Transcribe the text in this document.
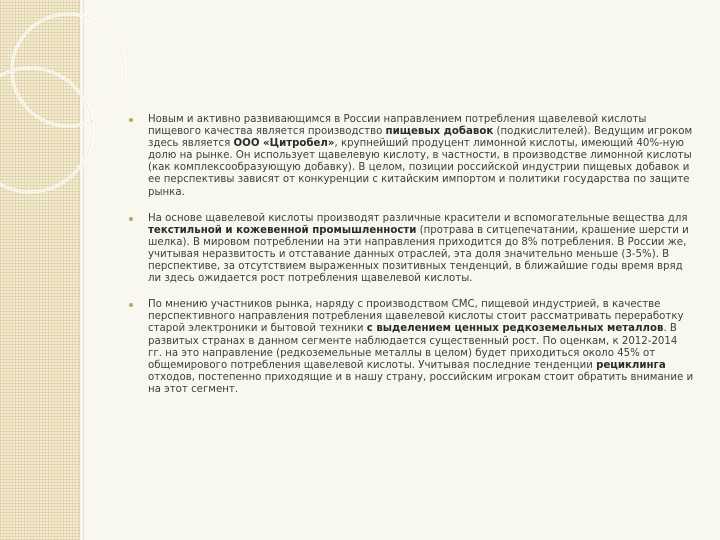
Новым и активно развивающимся в России направлением потребления щавелевой кислоты пищевого качества является производство пищевых добавок (подкислителей). Ведущим игроком здесь является ООО «Цитробел», крупнейший продуцент лимонной кислоты, имеющий 40%-ную долю на рынке. Он использует щавелевую кислоту, в частности, в производстве лимонной кислоты (как комплексообразующую добавку). В целом, позиции российской индустрии пищевых добавок и ее перспективы зависят от конкуренции с китайским импортом и политики государства по защите рынка.

На основе щавелевой кислоты производят различные красители и вспомогательные вещества для текстильной и кожевенной промышленности (протрава в ситцепечатании, крашение шерсти и шелка). В мировом потреблении на эти направления приходится до 8% потребления. В России же, учитывая неразвитость и отставание данных отраслей, эта доля значительно меньше (3-5%). В перспективе, за отсутствием выраженных позитивных тенденций, в ближайшие годы время вряд ли здесь ожидается рост потребления щавелевой кислоты.

По мнению участников рынка, наряду с производством СМС, пищевой индустрией, в качестве перспективного направления потребления щавелевой кислоты стоит рассматривать переработку старой электроники и бытовой техники с выделением ценных редкоземельных металлов. В развитых странах в данном сегменте наблюдается существенный рост. По оценкам, к 2012-2014 гг. на это направление (редкоземельные металлы в целом) будет приходиться около 45% от общемирового потребления щавелевой кислоты. Учитывая последние тенденции рециклинга отходов, постепенно приходящие и в нашу страну, российским игрокам стоит обратить внимание и на этот сегмент.
